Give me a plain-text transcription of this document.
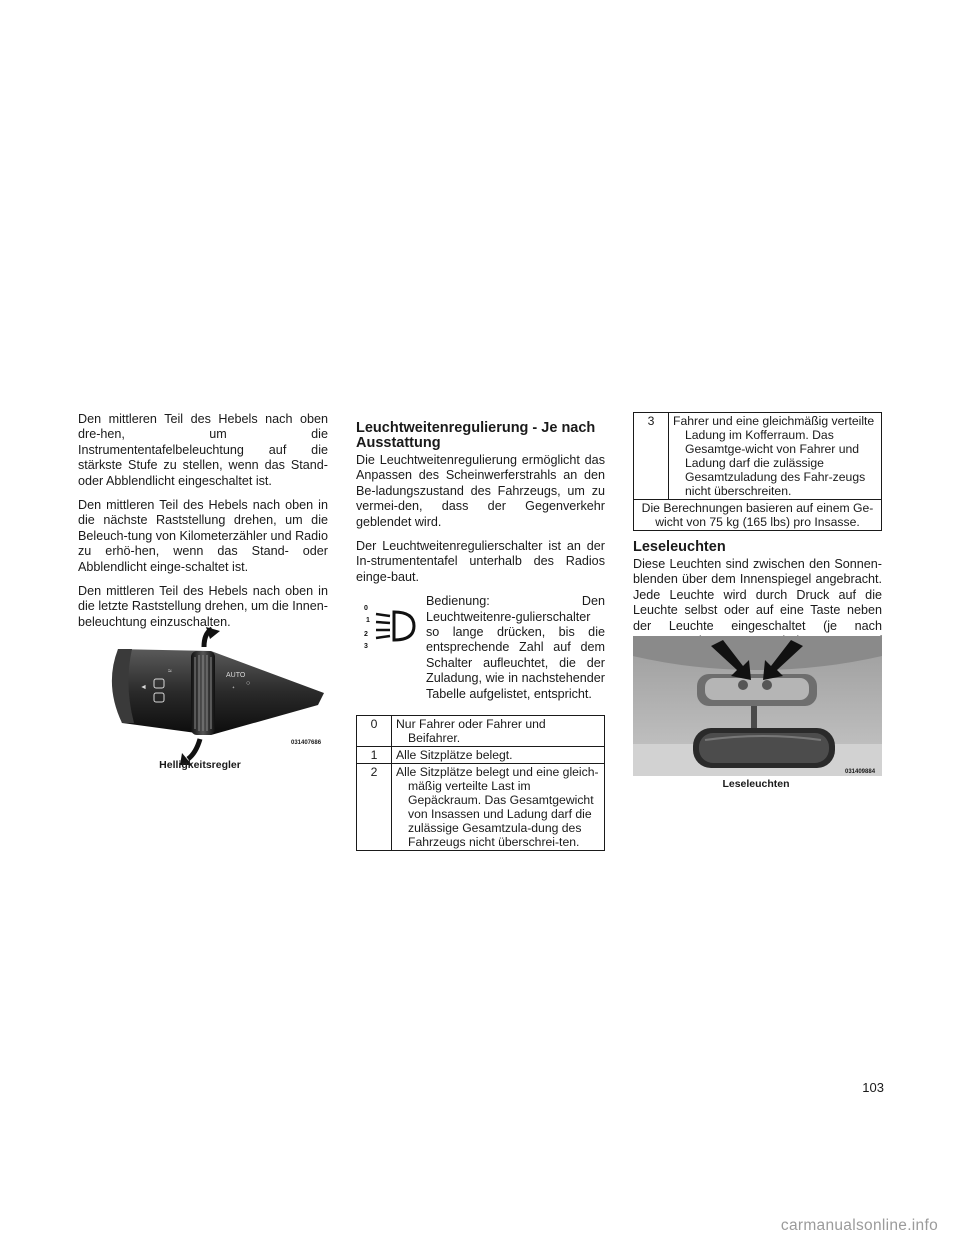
Den mittleren Teil des Hebels nach oben dre-hen, um die Instrumententafelbeleuchtung auf die stärkste Stufe zu stellen, wenn das Stand- oder Abblendlicht eingeschaltet ist.

Den mittleren Teil des Hebels nach oben in die nächste Raststellung drehen, um die Beleuch-tung von Kilometerzähler und Radio zu erhö-hen, wenn das Stand- oder Abblendlicht einge-schaltet ist.

Den mittleren Teil des Hebels nach oben in die letzte Raststellung drehen, um die Innen-beleuchtung einzuschalten.

◄
≈
AUTO
ᐩ
○
031407686
Helligkeitsregler
Leuchtweitenregulierung - Je nach Ausstattung

Die Leuchtweitenregulierung ermöglicht das Anpassen des Scheinwerferstrahls an den Be-ladungszustand des Fahrzeugs, um zu vermei-den, dass der Gegenverkehr geblendet wird.

Der Leuchtweitenregulierschalter ist an der In-strumententafel unterhalb des Radios einge-baut.

0
1
2
3

Bedienung: Den Leuchtweitenre-gulierschalter so lange drücken, bis die entsprechende Zahl auf dem Schalter aufleuchtet, die der Zuladung, wie in nachstehender Tabelle aufgelistet, entspricht.

0	Nur Fahrer oder Fahrer und Beifahrer.

1	Alle Sitzplätze belegt.

2	Alle Sitzplätze belegt und eine gleich-mäßig verteilte Last im Gepäckraum. Das Gesamtgewicht von Insassen und Ladung darf die zulässige Gesamtzula-dung des Fahrzeugs nicht überschrei-ten.
3	Fahrer und eine gleichmäßig verteilte Ladung im Kofferraum. Das Gesamtge-wicht von Fahrer und Ladung darf die zulässige Gesamtzuladung des Fahr-zeugs nicht überschreiten.

Die Berechnungen basieren auf einem Ge-wicht von 75 kg (165 lbs) pro Insasse.
Leseleuchten

Diese Leuchten sind zwischen den Sonnen-blenden über dem Innenspiegel angebracht. Jede Leuchte wird durch Druck auf die Leuchte selbst oder auf eine Taste neben der Leuchte eingeschaltet (je nach

031409884
Leseleuchten
103
carmanualsonline.info
